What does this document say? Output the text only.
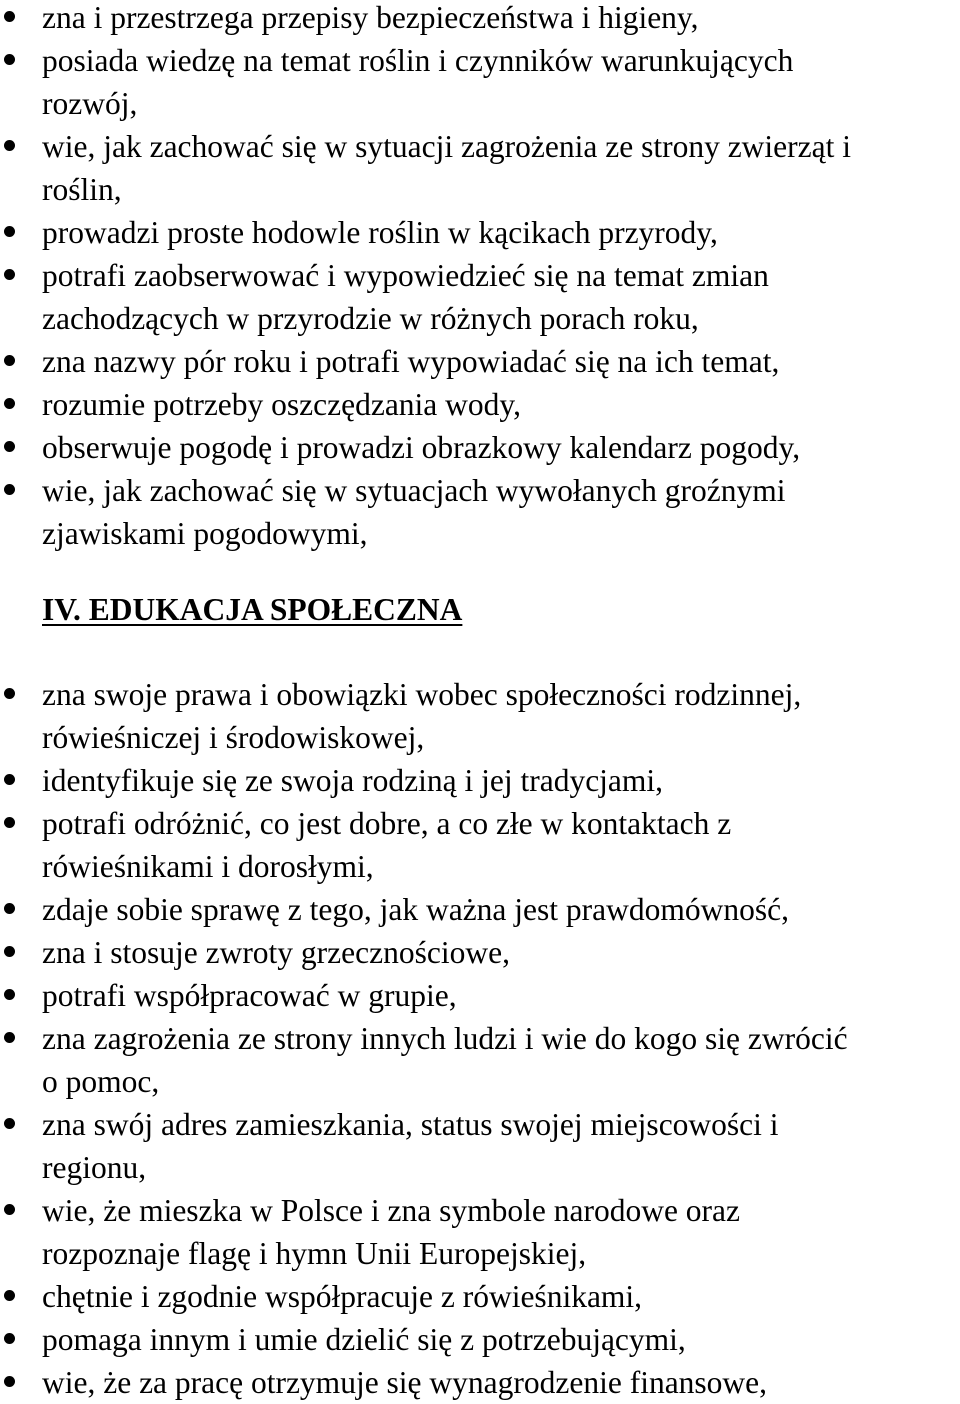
zna i przestrzega przepisy bezpieczeństwa i higieny,
posiada wiedzę na temat roślin i czynników warunkujących
rozwój,
wie, jak zachować się w sytuacji zagrożenia ze strony zwierząt i
roślin,
prowadzi proste hodowle roślin w kącikach przyrody,
potrafi zaobserwować i wypowiedzieć się na temat zmian
zachodzących w przyrodzie w różnych porach roku,
zna nazwy pór roku i potrafi wypowiadać się na ich temat,
rozumie potrzeby oszczędzania wody,
obserwuje pogodę i prowadzi obrazkowy kalendarz pogody,
wie, jak zachować się w sytuacjach wywołanych groźnymi
zjawiskami pogodowymi,
IV. EDUKACJA SPOŁECZNA
zna swoje prawa i obowiązki wobec społeczności rodzinnej,
rówieśniczej i środowiskowej,
identyfikuje się ze swoja rodziną i jej tradycjami,
potrafi odróżnić, co jest dobre, a co złe w kontaktach z
rówieśnikami i dorosłymi,
zdaje sobie sprawę z tego, jak ważna jest prawdomówność,
zna i stosuje zwroty grzecznościowe,
potrafi współpracować w grupie,
zna zagrożenia ze strony innych ludzi i wie do kogo się zwrócić
o pomoc,
zna swój adres zamieszkania, status swojej miejscowości i
regionu,
wie, że mieszka w Polsce i zna symbole narodowe oraz
rozpoznaje flagę i hymn Unii Europejskiej,
chętnie i zgodnie współpracuje z rówieśnikami,
pomaga innym i umie dzielić się z potrzebującymi,
wie, że za pracę otrzymuje się wynagrodzenie finansowe,
